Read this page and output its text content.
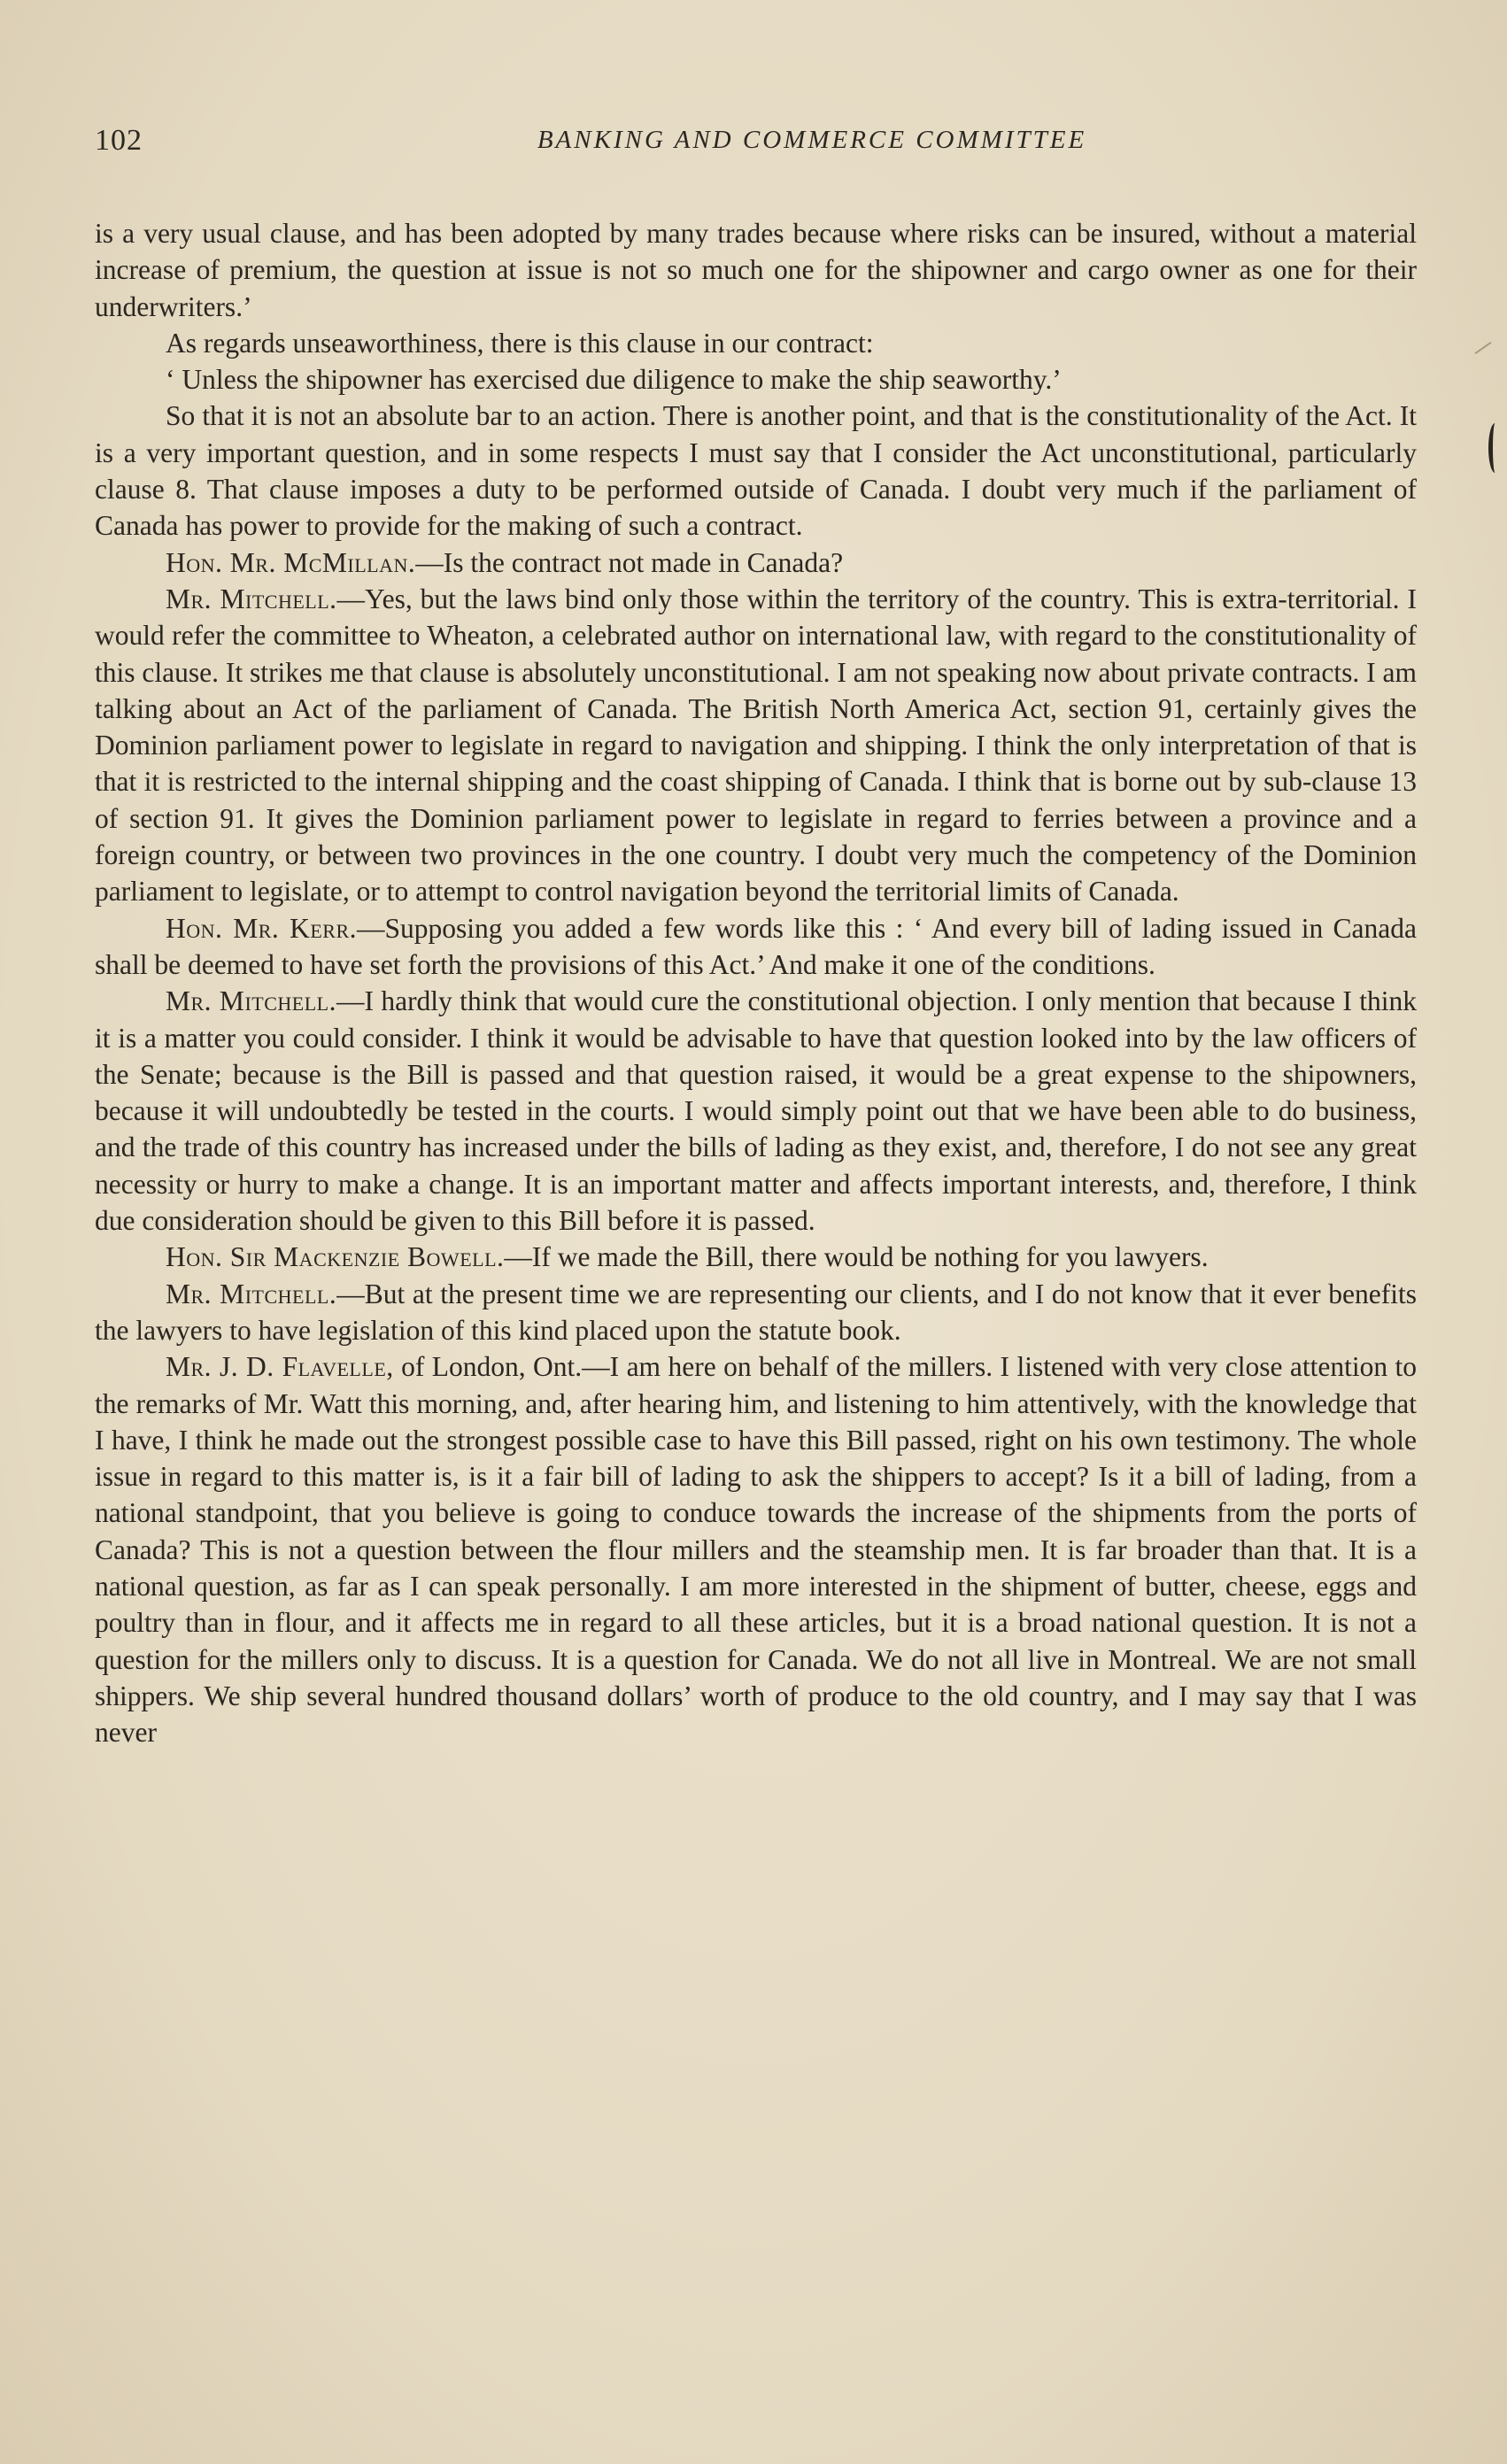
102	BANKING AND COMMERCE COMMITTEE

is a very usual clause, and has been adopted by many trades because where risks can be insured, without a material increase of premium, the question at issue is not so much one for the shipowner and cargo owner as one for their underwriters.’

As regards unseaworthiness, there is this clause in our contract:

‘ Unless the shipowner has exercised due diligence to make the ship seaworthy.’

So that it is not an absolute bar to an action. There is another point, and that is the constitutionality of the Act. It is a very important question, and in some respects I must say that I consider the Act unconstitutional, particularly clause 8. That clause imposes a duty to be performed outside of Canada. I doubt very much if the parliament of Canada has power to provide for the making of such a contract.

Hon. Mr. McMillan.—Is the contract not made in Canada?

Mr. Mitchell.—Yes, but the laws bind only those within the territory of the country. This is extra-territorial. I would refer the committee to Wheaton, a celebrated author on international law, with regard to the constitutionality of this clause. It strikes me that clause is absolutely unconstitutional. I am not speaking now about private contracts. I am talking about an Act of the parliament of Canada. The British North America Act, section 91, certainly gives the Dominion parliament power to legislate in regard to navigation and shipping. I think the only interpretation of that is that it is restricted to the internal shipping and the coast shipping of Canada. I think that is borne out by sub-clause 13 of section 91. It gives the Dominion parliament power to legislate in regard to ferries between a province and a foreign country, or between two provinces in the one country. I doubt very much the competency of the Dominion parliament to legislate, or to attempt to control navigation beyond the territorial limits of Canada.

Hon. Mr. Kerr.—Supposing you added a few words like this : ‘ And every bill of lading issued in Canada shall be deemed to have set forth the provisions of this Act.’ And make it one of the conditions.

Mr. Mitchell.—I hardly think that would cure the constitutional objection. I only mention that because I think it is a matter you could consider. I think it would be advisable to have that question looked into by the law officers of the Senate; because is the Bill is passed and that question raised, it would be a great expense to the shipowners, because it will undoubtedly be tested in the courts. I would simply point out that we have been able to do business, and the trade of this country has increased under the bills of lading as they exist, and, therefore, I do not see any great necessity or hurry to make a change. It is an important matter and affects important interests, and, therefore, I think due consideration should be given to this Bill before it is passed.

Hon. Sir Mackenzie Bowell.—If we made the Bill, there would be nothing for you lawyers.

Mr. Mitchell.—But at the present time we are representing our clients, and I do not know that it ever benefits the lawyers to have legislation of this kind placed upon the statute book.

Mr. J. D. Flavelle, of London, Ont.—I am here on behalf of the millers. I listened with very close attention to the remarks of Mr. Watt this morning, and, after hearing him, and listening to him attentively, with the knowledge that I have, I think he made out the strongest possible case to have this Bill passed, right on his own testimony. The whole issue in regard to this matter is, is it a fair bill of lading to ask the shippers to accept? Is it a bill of lading, from a national standpoint, that you believe is going to conduce towards the increase of the shipments from the ports of Canada? This is not a question between the flour millers and the steamship men. It is far broader than that. It is a national question, as far as I can speak personally. I am more interested in the shipment of butter, cheese, eggs and poultry than in flour, and it affects me in regard to all these articles, but it is a broad national question. It is not a question for the millers only to discuss. It is a question for Canada. We do not all live in Montreal. We are not small shippers. We ship several hundred thousand dollars’ worth of produce to the old country, and I may say that I was never
